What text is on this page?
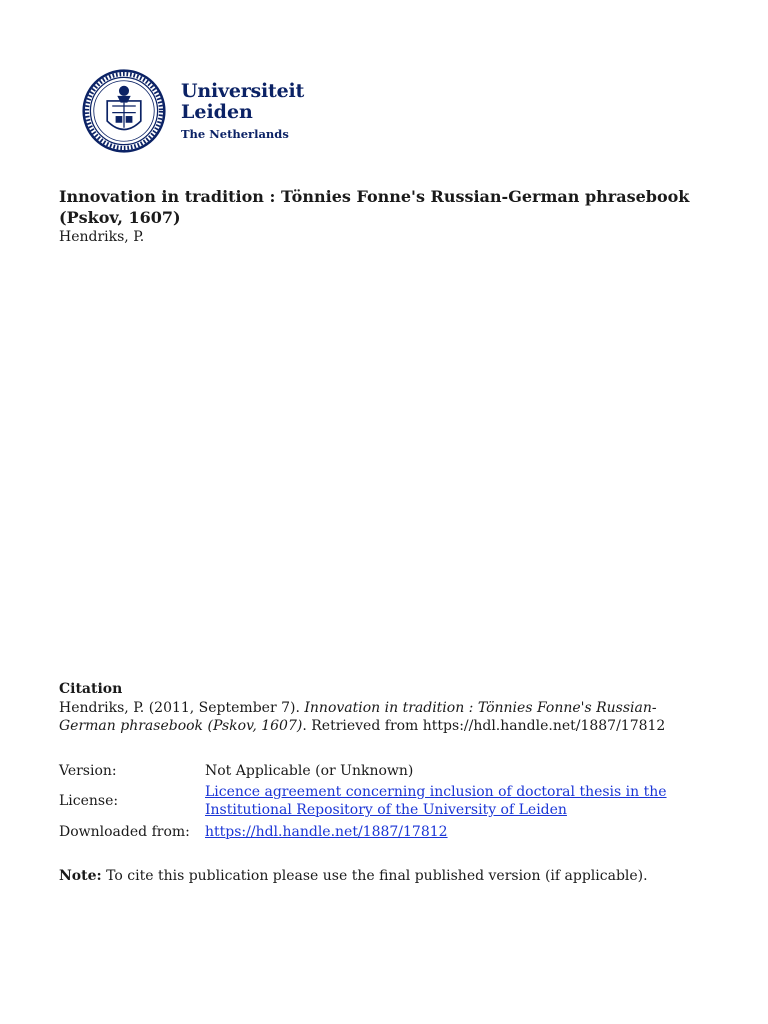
Universiteit
Leiden
The Netherlands
Innovation in tradition : Tönnies Fonne's Russian-German phrasebook (Pskov, 1607)
Hendriks, P.
Citation
Hendriks, P. (2011, September 7). Innovation in tradition : Tönnies Fonne's Russian-German phrasebook (Pskov, 1607). Retrieved from https://hdl.handle.net/1887/17812
Version:	Not Applicable (or Unknown)
License:
Licence agreement concerning inclusion of doctoral thesis in the Institutional Repository of the University of Leiden
Downloaded from: https://hdl.handle.net/1887/17812
Note: To cite this publication please use the final published version (if applicable).
